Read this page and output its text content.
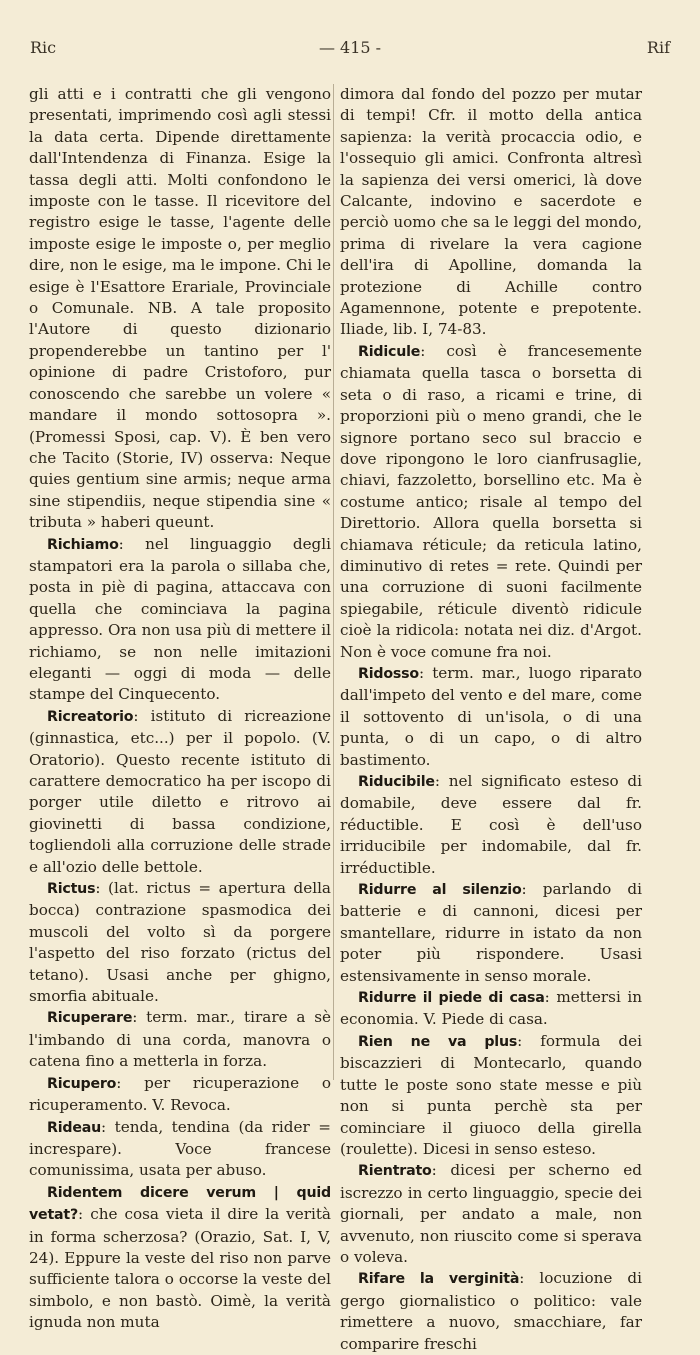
Ric	— 415 -	Rif

gli atti e i contratti che gli vengono presentati, imprimendo così agli stessi la data certa. Dipende direttamente dall'Intendenza di Finanza. Esige la tassa degli atti. Molti confondono le imposte con le tasse. Il ricevitore del registro esige le tasse, l'agente delle imposte esige le imposte o, per meglio dire, non le esige, ma le impone. Chi le esige è l'Esattore Erariale, Provinciale o Comunale. NB. A tale proposito l'Autore di questo dizionario propenderebbe un tantino per l' opinione di padre Cristoforo, pur conoscendo che sarebbe un volere « mandare il mondo sottosopra ». (Promessi Sposi, cap. V). È ben vero che Tacito (Storie, IV) osserva: Neque quies gentium sine armis; neque arma sine stipendiis, neque stipendia sine « tributa » haberi queunt.

Richiamo: nel linguaggio degli stampatori era la parola o sillaba che, posta in piè di pagina, attaccava con quella che cominciava la pagina appresso. Ora non usa più di mettere il richiamo, se non nelle imitazioni eleganti — oggi di moda — delle stampe del Cinquecento.

Ricreatorio: istituto di ricreazione (ginnastica, etc...) per il popolo. (V. Oratorio). Questo recente istituto di carattere democratico ha per iscopo di porger utile diletto e ritrovo ai giovinetti di bassa condizione, togliendoli alla corruzione delle strade e all'ozio delle bettole.

Rictus: (lat. rictus = apertura della bocca) contrazione spasmodica dei muscoli del volto sì da porgere l'aspetto del riso forzato (rictus del tetano). Usasi anche per ghigno, smorfia abituale.

Ricuperare: term. mar., tirare a sè l'imbando di una corda, manovra o catena fino a metterla in forza.

Ricupero: per ricuperazione o ricuperamento. V. Revoca.

Rideau: tenda, tendina (da rider = increspare). Voce francese comunissima, usata per abuso.

Ridentem dicere verum | quid vetat?: che cosa vieta il dire la verità in forma scherzosa? (Orazio, Sat. I, V, 24). Eppure la veste del riso non parve sufficiente talora o occorse la veste del simbolo, e non bastò. Oimè, la verità ignuda non muta

dimora dal fondo del pozzo per mutar di tempi! Cfr. il motto della antica sapienza: la verità procaccia odio, e l'ossequio gli amici. Confronta altresì la sapienza dei versi omerici, là dove Calcante, indovino e sacerdote e perciò uomo che sa le leggi del mondo, prima di rivelare la vera cagione dell'ira di Apolline, domanda la protezione di Achille contro Agamennone, potente e prepotente. Iliade, lib. I, 74-83.

Ridicule: così è francesemente chiamata quella tasca o borsetta di seta o di raso, a ricami e trine, di proporzioni più o meno grandi, che le signore portano seco sul braccio e dove ripongono le loro cianfrusaglie, chiavi, fazzoletto, borsellino etc. Ma è costume antico; risale al tempo del Direttorio. Allora quella borsetta si chiamava réticule; da reticula latino, diminutivo di retes = rete. Quindi per una corruzione di suoni facilmente spiegabile, réticule diventò ridicule cioè la ridicola: notata nei diz. d'Argot. Non è voce comune fra noi.

Ridosso: term. mar., luogo riparato dall'impeto del vento e del mare, come il sottovento di un'isola, o di una punta, o di un capo, o di altro bastimento.

Riducibile: nel significato esteso di domabile, deve essere dal fr. réductible. E così è dell'uso irriducibile per indomabile, dal fr. irréductible.

Ridurre al silenzio: parlando di batterie e di cannoni, dicesi per smantellare, ridurre in istato da non poter più rispondere. Usasi estensivamente in senso morale.

Ridurre il piede di casa: mettersi in economia. V. Piede di casa.

Rien ne va plus: formula dei biscazzieri di Montecarlo, quando tutte le poste sono state messe e più non si punta perchè sta per cominciare il giuoco della girella (roulette). Dicesi in senso esteso.

Rientrato: dicesi per scherno ed iscrezzo in certo linguaggio, specie dei giornali, per andato a male, non avvenuto, non riuscito come si sperava o voleva.

Rifare la verginità: locuzione di gergo giornalistico o politico: vale rimettere a nuovo, smacchiare, far comparire freschi
